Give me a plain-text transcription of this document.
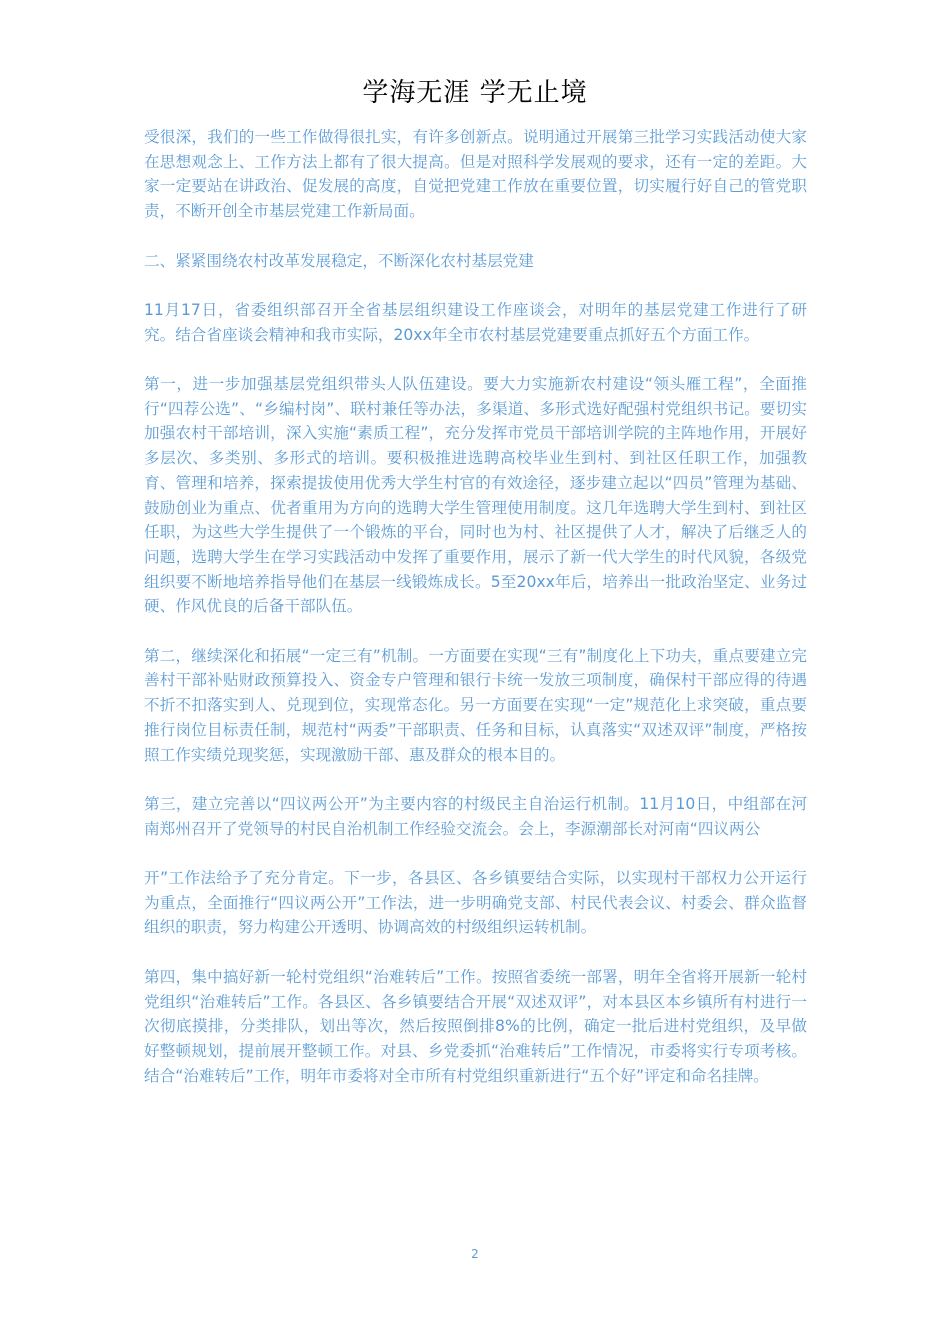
学海无涯 学无止境

受很深，我们的一些工作做得很扎实，有许多创新点。说明通过开展第三批学习实践活动使大家在思想观念上、工作方法上都有了很大提高。但是对照科学发展观的要求，还有一定的差距。大家一定要站在讲政治、促发展的高度，自觉把党建工作放在重要位置，切实履行好自己的管党职责，不断开创全市基层党建工作新局面。

二、紧紧围绕农村改革发展稳定，不断深化农村基层党建

11月17日，省委组织部召开全省基层组织建设工作座谈会，对明年的基层党建工作进行了研究。结合省座谈会精神和我市实际，20xx年全市农村基层党建要重点抓好五个方面工作。

第一，进一步加强基层党组织带头人队伍建设。要大力实施新农村建设“领头雁工程”，全面推行“四荐公选”、“乡编村岗”、联村兼任等办法，多渠道、多形式选好配强村党组织书记。要切实加强农村干部培训，深入实施“素质工程”，充分发挥市党员干部培训学院的主阵地作用，开展好多层次、多类别、多形式的培训。要积极推进选聘高校毕业生到村、到社区任职工作，加强教育、管理和培养，探索提拔使用优秀大学生村官的有效途径，逐步建立起以“四员”管理为基础、鼓励创业为重点、优者重用为方向的选聘大学生管理使用制度。这几年选聘大学生到村、到社区任职，为这些大学生提供了一个锻炼的平台，同时也为村、社区提供了人才，解决了后继乏人的问题，选聘大学生在学习实践活动中发挥了重要作用，展示了新一代大学生的时代风貌，各级党组织要不断地培养指导他们在基层一线锻炼成长。5至20xx年后，培养出一批政治坚定、业务过硬、作风优良的后备干部队伍。

第二，继续深化和拓展“一定三有”机制。一方面要在实现“三有”制度化上下功夫，重点要建立完善村干部补贴财政预算投入、资金专户管理和银行卡统一发放三项制度，确保村干部应得的待遇不折不扣落实到人、兑现到位，实现常态化。另一方面要在实现“一定”规范化上求突破，重点要推行岗位目标责任制，规范村“两委”干部职责、任务和目标，认真落实“双述双评”制度，严格按照工作实绩兑现奖惩，实现激励干部、惠及群众的根本目的。

第三，建立完善以“四议两公开”为主要内容的村级民主自治运行机制。11月10日，中组部在河南郑州召开了党领导的村民自治机制工作经验交流会。会上，李源潮部长对河南“四议两公

开”工作法给予了充分肯定。下一步，各县区、各乡镇要结合实际，以实现村干部权力公开运行为重点，全面推行“四议两公开”工作法，进一步明确党支部、村民代表会议、村委会、群众监督组织的职责，努力构建公开透明、协调高效的村级组织运转机制。

第四，集中搞好新一轮村党组织“治难转后”工作。按照省委统一部署，明年全省将开展新一轮村党组织“治难转后”工作。各县区、各乡镇要结合开展“双述双评”，对本县区本乡镇所有村进行一次彻底摸排，分类排队，划出等次，然后按照倒排8%的比例，确定一批后进村党组织，及早做好整顿规划，提前展开整顿工作。对县、乡党委抓“治难转后”工作情况，市委将实行专项考核。结合“治难转后”工作，明年市委将对全市所有村党组织重新进行“五个好”评定和命名挂牌。

2
